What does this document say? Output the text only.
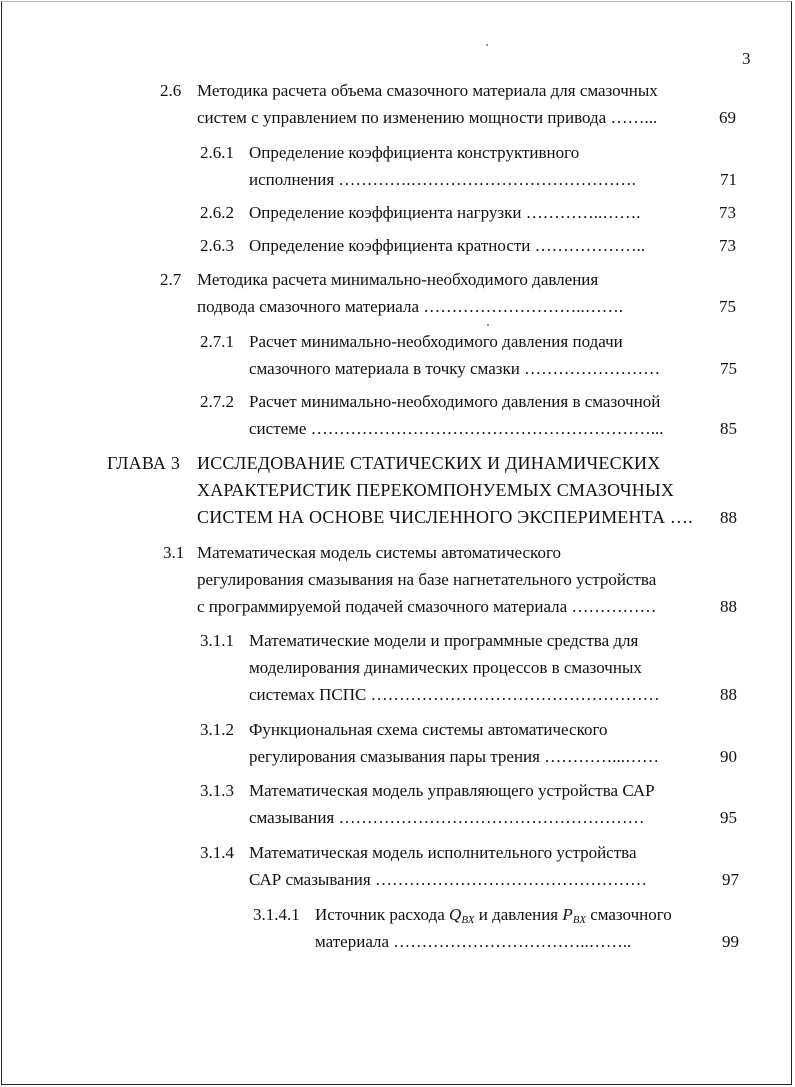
3
2.6 Методика расчета объема смазочного материала для смазочных
систем с управлением по изменению мощности привода ……...	69
2.6.1 Определение коэффициента конструктивного
исполнения ………….………………………………….	71
2.6.2 Определение коэффициента нагрузки …………..…….	73
2.6.3 Определение коэффициента кратности ………………..	73
2.7 Методика расчета минимально-необходимого давления
подвода смазочного материала ………………………..…….	75
2.7.1 Расчет минимально-необходимого давления подачи
смазочного материала в точку смазки ……………………	75
2.7.2 Расчет минимально-необходимого давления в смазочной
системе ……………………………………………………...	85
ГЛАВА 3 ИССЛЕДОВАНИЕ СТАТИЧЕСКИХ И ДИНАМИЧЕСКИХ
ХАРАКТЕРИСТИК ПЕРЕКОМПОНУЕМЫХ СМАЗОЧНЫХ
СИСТЕМ НА ОСНОВЕ ЧИСЛЕННОГО ЭКСПЕРИМЕНТА …. 88
3.1 Математическая модель системы автоматического
регулирования смазывания на базе нагнетательного устройства
с программируемой подачей смазочного материала ……………	88
3.1.1 Математические модели и программные средства для
моделирования динамических процессов в смазочных
системах ПСПС ……………………………………………	88
3.1.2 Функциональная схема системы автоматического
регулирования смазывания пары трения …………...……	90
3.1.3 Математическая модель управляющего устройства САР
смазывания ………………………………………………	95
3.1.4 Математическая модель исполнительного устройства
САР смазывания …………………………………………	97
3.1.4.1 Источник расхода $Q_{ВХ}$ и давления $P_{ВХ}$ смазочного
материала ……………………………..……..	99
